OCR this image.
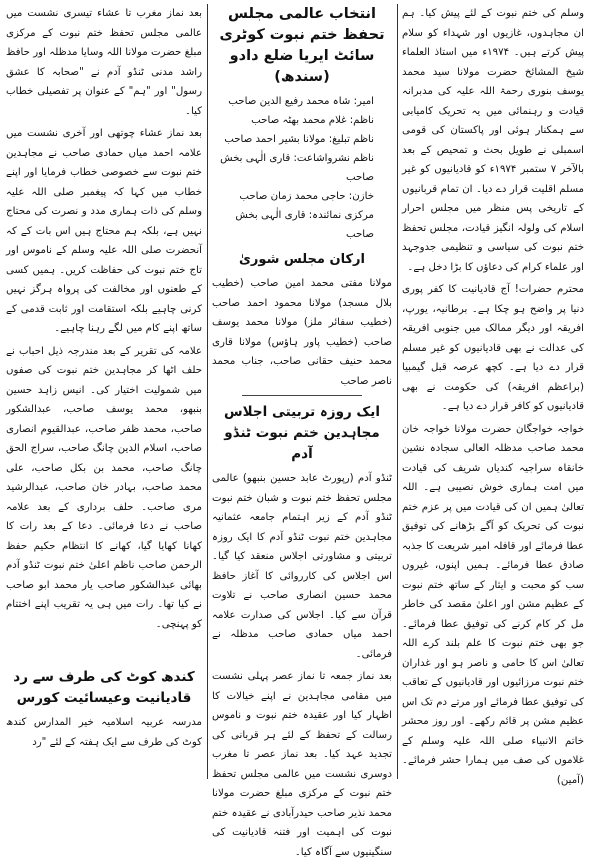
وسلم کی ختم نبوت کے لئے پیش کیا۔ ہم ان مجاہدوں، غازیوں اور شہداء کو سلام پیش کرتے ہیں۔ ۱۹۷۴ء میں استاذ العلماء شیخ المشائخ حضرت مولانا سید محمد یوسف بنوری رحمۃ اللہ علیہ کی مدبرانہ قیادت و رہنمائی میں یہ تحریک کامیابی سے ہمکنار ہوئی اور پاکستان کی قومی اسمبلی نے طویل بحث و تمحیص کے بعد بالآخر ۷ ستمبر ۱۹۷۴ء کو قادیانیوں کو غیر مسلم اقلیت قرار دے دیا۔ ان تمام قربانیوں کے تاریخی پس منظر میں مجلس احرار اسلام کی ولولہ انگیز قیادت، مجلس تحفظ ختم نبوت کی سیاسی و تنظیمی جدوجہد اور علماء کرام کی دعاؤں کا بڑا دخل ہے۔

محترم حضرات! آج قادیانیت کا کفر پوری دنیا پر واضح ہو چکا ہے۔ برطانیہ، یورپ، افریقہ اور دیگر ممالک میں جنوبی افریقہ کی عدالت نے بھی قادیانیوں کو غیر مسلم قرار دے دیا ہے۔ کچھ عرصہ قبل گیمبیا (براعظم افریقہ) کی حکومت نے بھی قادیانیوں کو کافر قرار دے دیا ہے۔

خواجہ خواجگان حضرت مولانا خواجہ خان محمد صاحب مدظلہ العالی سجادہ نشین خانقاہ سراجیہ کندیاں شریف کی قیادت میں امت ہماری خوش نصیبی ہے۔ اللہ تعالیٰ ہمیں ان کی قیادت میں پر عزم ختم نبوت کی تحریک کو آگے بڑھانے کی توفیق عطا فرمائے اور قافلہ امیر شریعت کا جذبہ صادق عطا فرمائے۔ ہمیں اپنوں، غیروں سب کو محبت و ایثار کے ساتھ ختم نبوت کے عظیم مشن اور اعلیٰ مقصد کی خاطر مل کر کام کرنے کی توفیق عطا فرمائے۔ جو بھی ختم نبوت کا علم بلند کرے اللہ تعالیٰ اس کا حامی و ناصر ہو اور غداران ختم نبوت مرزائیوں اور قادیانیوں کے تعاقب کی توفیق عطا فرمائے اور مرتے دم تک اس عظیم مشن پر قائم رکھے۔ اور روز محشر خاتم الانبیاء صلی اللہ علیہ وسلم کے غلاموں کی صف میں ہمارا حشر فرمائے۔ (آمین)

انتخاب عالمی مجلس تحفظ ختم نبوت کوٹری سائٹ ایریا ضلع دادو (سندھ)
امیر: شاہ محمد رفیع الدین صاحب
ناظم: غلام محمد بھٹہ صاحب
ناظم تبلیغ: مولانا بشیر احمد صاحب
ناظم نشرواشاعت: قاری الٰہی بخش صاحب
خازن: حاجی محمد زمان صاحب
مرکزی نمائندہ: قاری الٰہی بخش صاحب
ارکان مجلس شوریٰ

مولانا مفتی محمد امین صاحب (خطیب بلال مسجد) مولانا محمود احمد صاحب (خطیب سفائر ملز) مولانا محمد یوسف صاحب (خطیب پاور ہاؤس) مولانا قاری محمد حنیف حقانی صاحب، جناب محمد ناصر صاحب

ایک روزہ تربیتی اجلاس مجاہدین ختم نبوت ٹنڈو آدم

ٹنڈو آدم (رپورٹ عابد حسین بنبھو) عالمی مجلس تحفظ ختم نبوت و شبان ختم نبوت ٹنڈو آدم کے زیر اہتمام جامعہ عثمانیہ مجاہدین ختم نبوت ٹنڈو آدم کا ایک روزہ تربیتی و مشاورتی اجلاس منعقد کیا گیا۔ اس اجلاس کی کارروائی کا آغاز حافظ محمد حسین انصاری صاحب نے تلاوت قرآن سے کیا۔ اجلاس کی صدارت علامہ احمد میاں حمادی صاحب مدظلہ نے فرمائی۔

بعد نماز جمعہ تا نماز عصر پہلی نشست میں مقامی مجاہدین نے اپنے خیالات کا اظہار کیا اور عقیدہ ختم نبوت و ناموس رسالت کے تحفظ کے لئے ہر قربانی کی تجدید عہد کیا۔ بعد نماز عصر تا مغرب دوسری نشست میں عالمی مجلس تحفظ ختم نبوت کے مرکزی مبلغ حضرت مولانا محمد نذیر صاحب حیدرآبادی نے عقیدہ ختم نبوت کی اہمیت اور فتنہ قادیانیت کی سنگینیوں سے آگاہ کیا۔

بعد نماز مغرب تا عشاء تیسری نشست میں عالمی مجلس تحفظ ختم نبوت کے مرکزی مبلغ حضرت مولانا اللہ وسایا مدظلہ اور حافظ راشد مدنی ٹنڈو آدم نے "صحابہ کا عشق رسول" اور "ہم" کے عنوان پر تفصیلی خطاب کیا۔

بعد نماز عشاء چوتھی اور آخری نشست میں علامہ احمد میاں حمادی صاحب نے مجاہدین ختم نبوت سے خصوصی خطاب فرمایا اور اپنے خطاب میں کہا کہ پیغمبر صلی اللہ علیہ وسلم کی ذات ہماری مدد و نصرت کی محتاج نہیں ہے، بلکہ ہم محتاج ہیں اس بات کے کہ آنحضرت صلی اللہ علیہ وسلم کے ناموس اور تاج ختم نبوت کی حفاظت کریں۔ ہمیں کسی کے طعنوں اور مخالفت کی پرواہ ہرگز نہیں کرنی چاہیے بلکہ استقامت اور ثابت قدمی کے ساتھ اپنے کام میں لگے رہنا چاہیے۔

علامہ کی تقریر کے بعد مندرجہ ذیل احباب نے حلف اٹھا کر مجاہدین ختم نبوت کی صفوں میں شمولیت اختیار کی۔ انیس زاہد حسین بنبھو، محمد یوسف صاحب، عبدالشکور صاحب، محمد ظفر صاحب، عبدالقیوم انصاری صاحب، اسلام الدین چانگ صاحب، سراج الحق چانگ صاحب، محمد بن بکل صاحب، علی محمد صاحب، بہادر خان صاحب، عبدالرشید مری صاحب۔ حلف برداری کے بعد علامہ صاحب نے دعا فرمائی۔ دعا کے بعد رات کا کھانا کھایا گیا، کھانے کا انتظام حکیم حفظ الرحمن صاحب ناظم اعلیٰ ختم نبوت ٹنڈو آدم بھائی عبدالشکور صاحب یار محمد ابو صاحب نے کیا تھا۔ رات میں ہی یہ تقریب اپنے اختتام کو پہنچی۔

کندھ کوٹ کی طرف سے رد قادیانیت وعیسائیت کورس

مدرسہ عربیہ اسلامیہ خیر المدارس کندھ کوٹ کی طرف سے ایک ہفتہ کے لئے "رد
